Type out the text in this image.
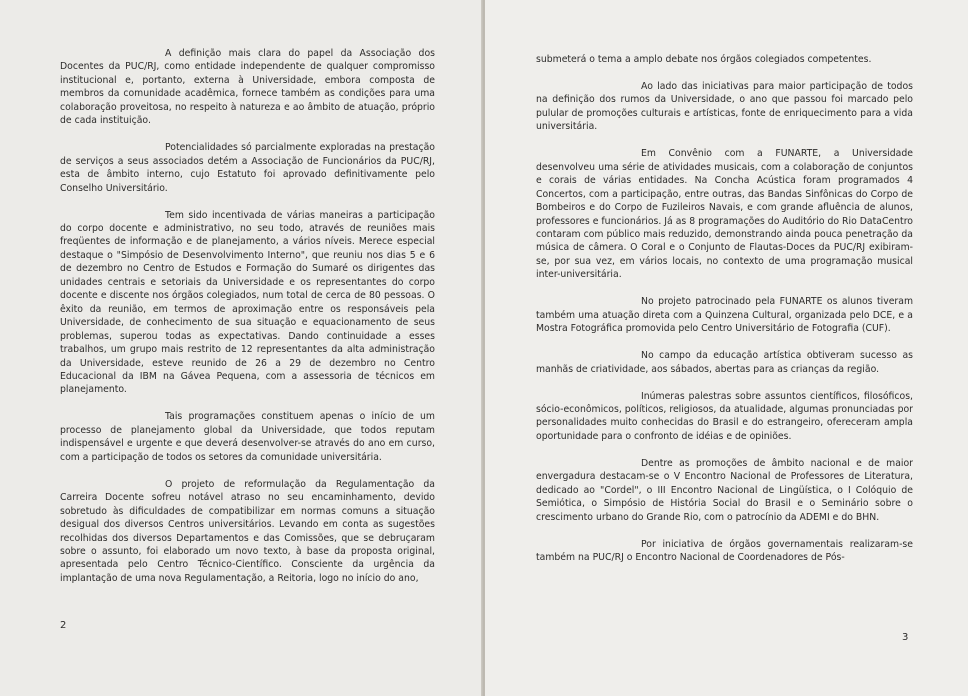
A definição mais clara do papel da Associação dos Docentes da PUC/RJ, como entidade independente de qualquer compromisso institucional e, portanto, externa à Universidade, embora composta de membros da comunidade acadêmica, fornece também as condições para uma colaboração proveitosa, no respeito à natureza e ao âmbito de atuação, próprio de cada instituição.

Potencialidades só parcialmente exploradas na prestação de serviços a seus associados detém a Associação de Funcionários da PUC/RJ, esta de âmbito interno, cujo Estatuto foi aprovado definitivamente pelo Conselho Universitário.

Tem sido incentivada de várias maneiras a participação do corpo docente e administrativo, no seu todo, através de reuniões mais freqüentes de informação e de planejamento, a vários níveis. Merece especial destaque o "Simpósio de Desenvolvimento Interno", que reuniu nos dias 5 e 6 de dezembro no Centro de Estudos e Formação do Sumaré os dirigentes das unidades centrais e setoriais da Universidade e os representantes do corpo docente e discente nos órgãos colegiados, num total de cerca de 80 pessoas. O êxito da reunião, em termos de aproximação entre os responsáveis pela Universidade, de conhecimento de sua situação e equacionamento de seus problemas, superou todas as expectativas. Dando continuidade a esses trabalhos, um grupo mais restrito de 12 representantes da alta administração da Universidade, esteve reunido de 26 a 29 de dezembro no Centro Educacional da IBM na Gávea Pequena, com a assessoria de técnicos em planejamento.

Tais programações constituem apenas o início de um processo de planejamento global da Universidade, que todos reputam indispensável e urgente e que deverá desenvolver-se através do ano em curso, com a participação de todos os setores da comunidade universitária.

O projeto de reformulação da Regulamentação da Carreira Docente sofreu notável atraso no seu encaminhamento, devido sobretudo às dificuldades de compatibilizar em normas comuns a situação desigual dos diversos Centros universitários. Levando em conta as sugestões recolhidas dos diversos Departamentos e das Comissões, que se debruçaram sobre o assunto, foi elaborado um novo texto, à base da proposta original, apresentada pelo Centro Técnico-Científico. Consciente da urgência da implantação de uma nova Regulamentação, a Reitoria, logo no início do ano,

2

submeterá o tema a amplo debate nos órgãos colegiados competentes.

Ao lado das iniciativas para maior participação de todos na definição dos rumos da Universidade, o ano que passou foi marcado pelo pulular de promoções culturais e artísticas, fonte de enriquecimento para a vida universitária.

Em Convênio com a FUNARTE, a Universidade desenvolveu uma série de atividades musicais, com a colaboração de conjuntos e corais de várias entidades. Na Concha Acústica foram programados 4 Concertos, com a participação, entre outras, das Bandas Sinfônicas do Corpo de Bombeiros e do Corpo de Fuzileiros Navais, e com grande afluência de alunos, professores e funcionários. Já as 8 programações do Auditório do Rio DataCentro contaram com público mais reduzido, demonstrando ainda pouca penetração da música de câmera. O Coral e o Conjunto de Flautas-Doces da PUC/RJ exibiram-se, por sua vez, em vários locais, no contexto de uma programação musical inter-universitária.

No projeto patrocinado pela FUNARTE os alunos tiveram também uma atuação direta com a Quinzena Cultural, organizada pelo DCE, e a Mostra Fotográfica promovida pelo Centro Universitário de Fotografia (CUF).

No campo da educação artística obtiveram sucesso as manhãs de criatividade, aos sábados, abertas para as crianças da região.

Inúmeras palestras sobre assuntos científicos, filosóficos, sócio-econômicos, políticos, religiosos, da atualidade, algumas pronunciadas por personalidades muito conhecidas do Brasil e do estrangeiro, ofereceram ampla oportunidade para o confronto de idéias e de opiniões.

Dentre as promoções de âmbito nacional e de maior envergadura destacam-se o V Encontro Nacional de Professores de Literatura, dedicado ao "Cordel", o III Encontro Nacional de Lingüística, o I Colóquio de Semiótica, o Simpósio de História Social do Brasil e o Seminário sobre o crescimento urbano do Grande Rio, com o patrocínio da ADEMI e do BHN.

Por iniciativa de órgãos governamentais realizaram-se também na PUC/RJ o Encontro Nacional de Coordenadores de Pós-

3
